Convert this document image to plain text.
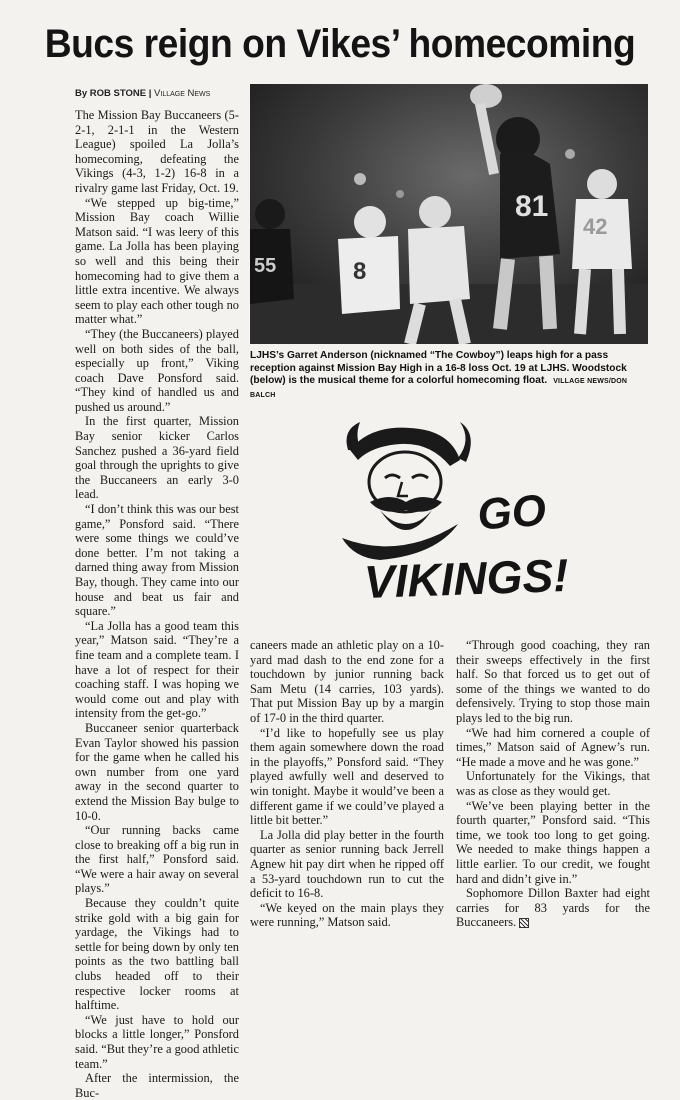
Bucs reign on Vikes’ homecoming
By ROB STONE | Village News

The Mission Bay Buccaneers (5-2-1, 2-1-1 in the Western League) spoiled La Jolla’s homecoming, defeating the Vikings (4-3, 1-2) 16-8 in a rivalry game last Friday, Oct. 19.

“We stepped up big-time,” Mission Bay coach Willie Matson said. “I was leery of this game. La Jolla has been playing so well and this being their homecoming had to give them a little extra incentive. We always seem to play each other tough no matter what.”

“They (the Buccaneers) played well on both sides of the ball, especially up front,” Viking coach Dave Ponsford said. “They kind of handled us and pushed us around.”

In the first quarter, Mission Bay senior kicker Carlos Sanchez pushed a 36-yard field goal through the uprights to give the Buccaneers an early 3-0 lead.

“I don’t think this was our best game,” Ponsford said. “There were some things we could’ve done better. I’m not taking a darned thing away from Mission Bay, though. They came into our house and beat us fair and square.”

“La Jolla has a good team this year,” Matson said. “They’re a fine team and a complete team. I have a lot of respect for their coaching staff. I was hoping we would come out and play with intensity from the get-go.”

Buccaneer senior quarterback Evan Taylor showed his passion for the game when he called his own number from one yard away in the second quarter to extend the Mission Bay bulge to 10-0.

“Our running backs came close to breaking off a big run in the first half,” Ponsford said. “We were a hair away on several plays.”

Because they couldn’t quite strike gold with a big gain for yardage, the Vikings had to settle for being down by only ten points as the two battling ball clubs headed off to their respective locker rooms at halftime.

“We just have to hold our blocks a little longer,” Ponsford said. “But they’re a good athletic team.”

After the intermission, the Buc-

81
42
8
55
LJHS’s Garret Anderson (nicknamed “The Cowboy”) leaps high for a pass reception against Mission Bay High in a 16-8 loss Oct. 19 at LJHS. Woodstock (below) is the musical theme for a colorful homecoming float. VILLAGE NEWS/DON BALCH
GO
VIKINGS!

caneers made an athletic play on a 10-yard mad dash to the end zone for a touchdown by junior running back Sam Metu (14 carries, 103 yards). That put Mission Bay up by a margin of 17-0 in the third quarter.

“I’d like to hopefully see us play them again somewhere down the road in the playoffs,” Ponsford said. “They played awfully well and deserved to win tonight. Maybe it would’ve been a different game if we could’ve played a little bit better.”

La Jolla did play better in the fourth quarter as senior running back Jerrell Agnew hit pay dirt when he ripped off a 53-yard touchdown run to cut the deficit to 16-8.

“We keyed on the main plays they were running,” Matson said.

“Through good coaching, they ran their sweeps effectively in the first half. So that forced us to get out of some of the things we wanted to do defensively. Trying to stop those main plays led to the big run.

“We had him cornered a couple of times,” Matson said of Agnew’s run. “He made a move and he was gone.”

Unfortunately for the Vikings, that was as close as they would get.

“We’ve been playing better in the fourth quarter,” Ponsford said. “This time, we took too long to get going. We needed to make things happen a little earlier. To our credit, we fought hard and didn’t give in.”

Sophomore Dillon Baxter had eight carries for 83 yards for the Buccaneers.
